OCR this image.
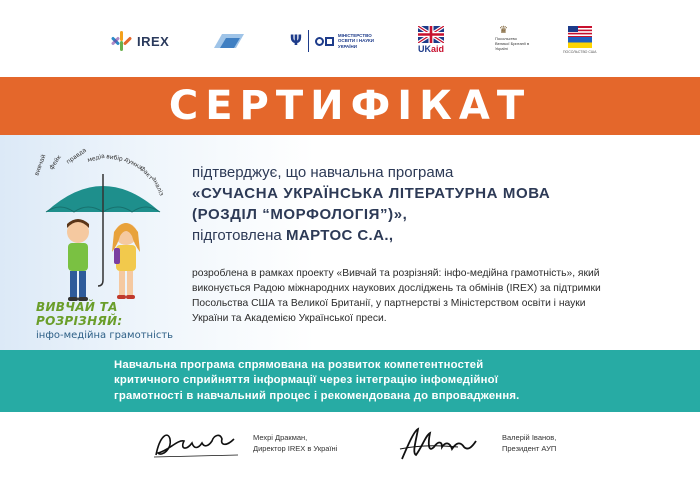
IREX	Ψ	МІНІСТЕРСТВО ОСВІТИ І НАУКИ УКРАЇНИ	UKaid
♛
Посольство Великої Британії в Україні
ПОСОЛЬСТВО США
СЕРТИФІКАТ
вивчай фейк правда
медіа вибір думка
факт
аналіз
ВИВЧАЙ ТА РОЗРІЗНЯЙ:
інфо-медійна грамотність
підтверджує, що навчальна програма
«СУЧАСНА УКРАЇНСЬКА ЛІТЕРАТУРНА МОВА
(РОЗДІЛ “МОРФОЛОГІЯ”)»,
підготовлена МАРТОС С.А.,
розроблена в рамках проекту «Вивчай та розрізняй: інфо-медійна грамотність», який виконується Радою міжнародних наукових досліджень та обмінів (IREX) за підтримки Посольства США та Великої Британії, у партнерстві з Міністерством освіти і науки України та Академією Української преси.

Навчальна програма спрямована на розвиток компетентностей критичного сприйняття інформації через інтеграцію інфомедійної грамотності в навчальний процес і рекомендована до впровадження.

Мехрі Дракман,
Директор IREX в Україні
Валерій Іванов,
Президент АУП
